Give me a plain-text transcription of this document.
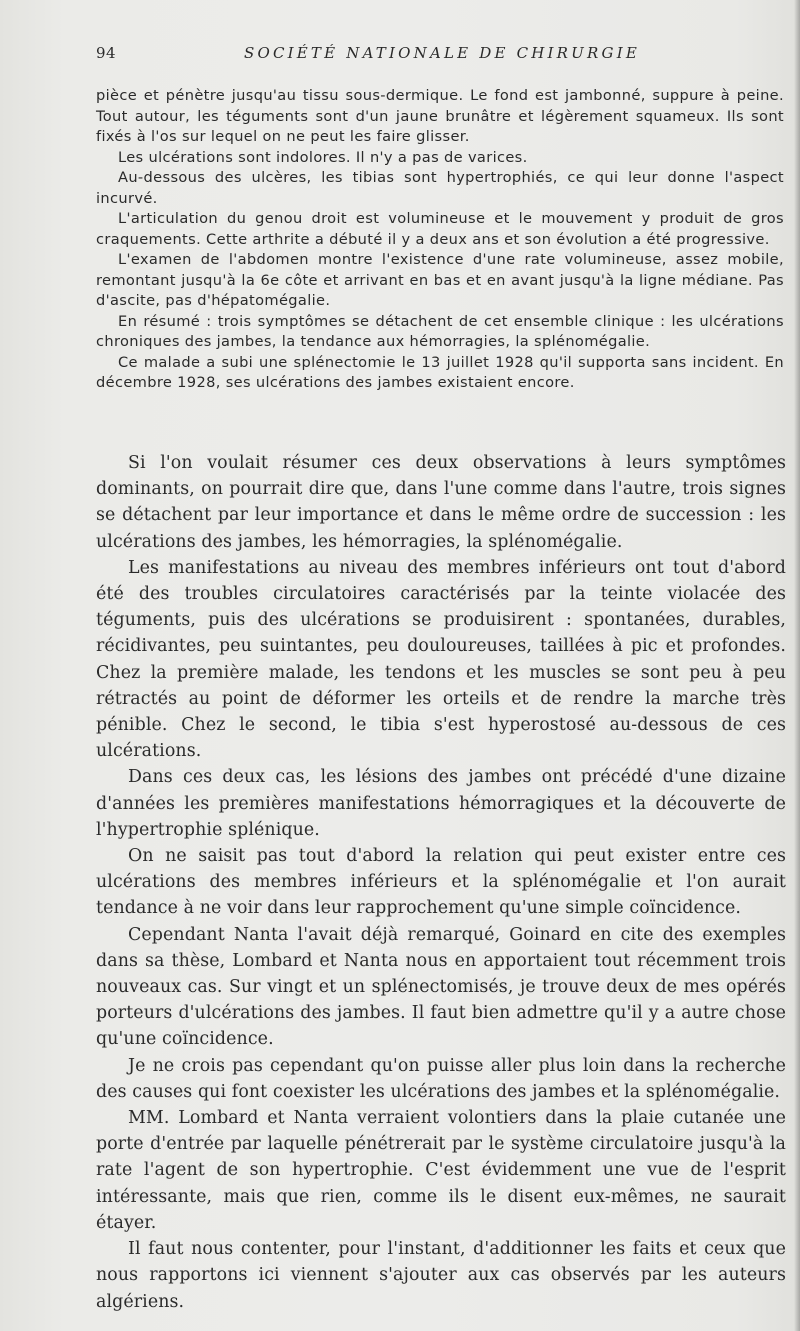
94	SOCIÉTÉ NATIONALE DE CHIRURGIE

pièce et pénètre jusqu'au tissu sous-dermique. Le fond est jambonné, suppure à peine. Tout autour, les téguments sont d'un jaune brunâtre et légèrement squameux. Ils sont fixés à l'os sur lequel on ne peut les faire glisser.

Les ulcérations sont indolores. Il n'y a pas de varices.

Au-dessous des ulcères, les tibias sont hypertrophiés, ce qui leur donne l'aspect incurvé.

L'articulation du genou droit est volumineuse et le mouvement y produit de gros craquements. Cette arthrite a débuté il y a deux ans et son évolution a été progressive.

L'examen de l'abdomen montre l'existence d'une rate volumineuse, assez mobile, remontant jusqu'à la 6e côte et arrivant en bas et en avant jusqu'à la ligne médiane. Pas d'ascite, pas d'hépatomégalie.

En résumé : trois symptômes se détachent de cet ensemble clinique : les ulcérations chroniques des jambes, la tendance aux hémorragies, la splénomégalie.

Ce malade a subi une splénectomie le 13 juillet 1928 qu'il supporta sans incident. En décembre 1928, ses ulcérations des jambes existaient encore.

Si l'on voulait résumer ces deux observations à leurs symptômes dominants, on pourrait dire que, dans l'une comme dans l'autre, trois signes se détachent par leur importance et dans le même ordre de succession : les ulcérations des jambes, les hémorragies, la splénomégalie.

Les manifestations au niveau des membres inférieurs ont tout d'abord été des troubles circulatoires caractérisés par la teinte violacée des téguments, puis des ulcérations se produisirent : spontanées, durables, récidivantes, peu suintantes, peu douloureuses, taillées à pic et profondes. Chez la première malade, les tendons et les muscles se sont peu à peu rétractés au point de déformer les orteils et de rendre la marche très pénible. Chez le second, le tibia s'est hyperostosé au-dessous de ces ulcérations.

Dans ces deux cas, les lésions des jambes ont précédé d'une dizaine d'années les premières manifestations hémorragiques et la découverte de l'hypertrophie splénique.

On ne saisit pas tout d'abord la relation qui peut exister entre ces ulcérations des membres inférieurs et la splénomégalie et l'on aurait tendance à ne voir dans leur rapprochement qu'une simple coïncidence.

Cependant Nanta l'avait déjà remarqué, Goinard en cite des exemples dans sa thèse, Lombard et Nanta nous en apportaient tout récemment trois nouveaux cas. Sur vingt et un splénectomisés, je trouve deux de mes opérés porteurs d'ulcérations des jambes. Il faut bien admettre qu'il y a autre chose qu'une coïncidence.

Je ne crois pas cependant qu'on puisse aller plus loin dans la recherche des causes qui font coexister les ulcérations des jambes et la splénomégalie.

MM. Lombard et Nanta verraient volontiers dans la plaie cutanée une porte d'entrée par laquelle pénétrerait par le système circulatoire jusqu'à la rate l'agent de son hypertrophie. C'est évidemment une vue de l'esprit intéressante, mais que rien, comme ils le disent eux-mêmes, ne saurait étayer.

Il faut nous contenter, pour l'instant, d'additionner les faits et ceux que nous rapportons ici viennent s'ajouter aux cas observés par les auteurs algériens.
